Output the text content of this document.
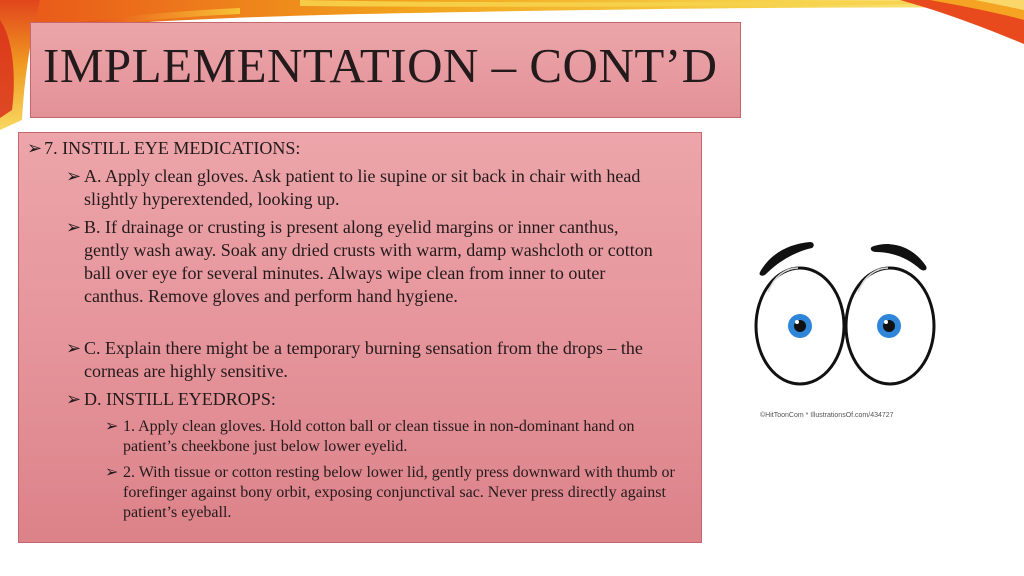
IMPLEMENTATION – CONT’D
➢ 7. INSTILL EYE MEDICATIONS:
➢ A. Apply clean gloves. Ask patient to lie supine or sit back in chair with head slightly hyperextended, looking up.
➢ B. If drainage or crusting is present along eyelid margins or inner canthus, gently wash away. Soak any dried crusts with warm, damp washcloth or cotton ball over eye for several minutes. Always wipe clean from inner to outer canthus. Remove gloves and perform hand hygiene.
➢ C. Explain there might be a temporary burning sensation from the drops – the corneas are highly sensitive.
➢ D. INSTILL EYEDROPS:
➢ 1. Apply clean gloves. Hold cotton ball or clean tissue in non-dominant hand on patient’s cheekbone just below lower eyelid.
➢ 2. With tissue or cotton resting below lower lid, gently press downward with thumb or forefinger against bony orbit, exposing conjunctival sac. Never press directly against patient’s eyeball.
©HitToonCom * IllustrationsOf.com/434727
